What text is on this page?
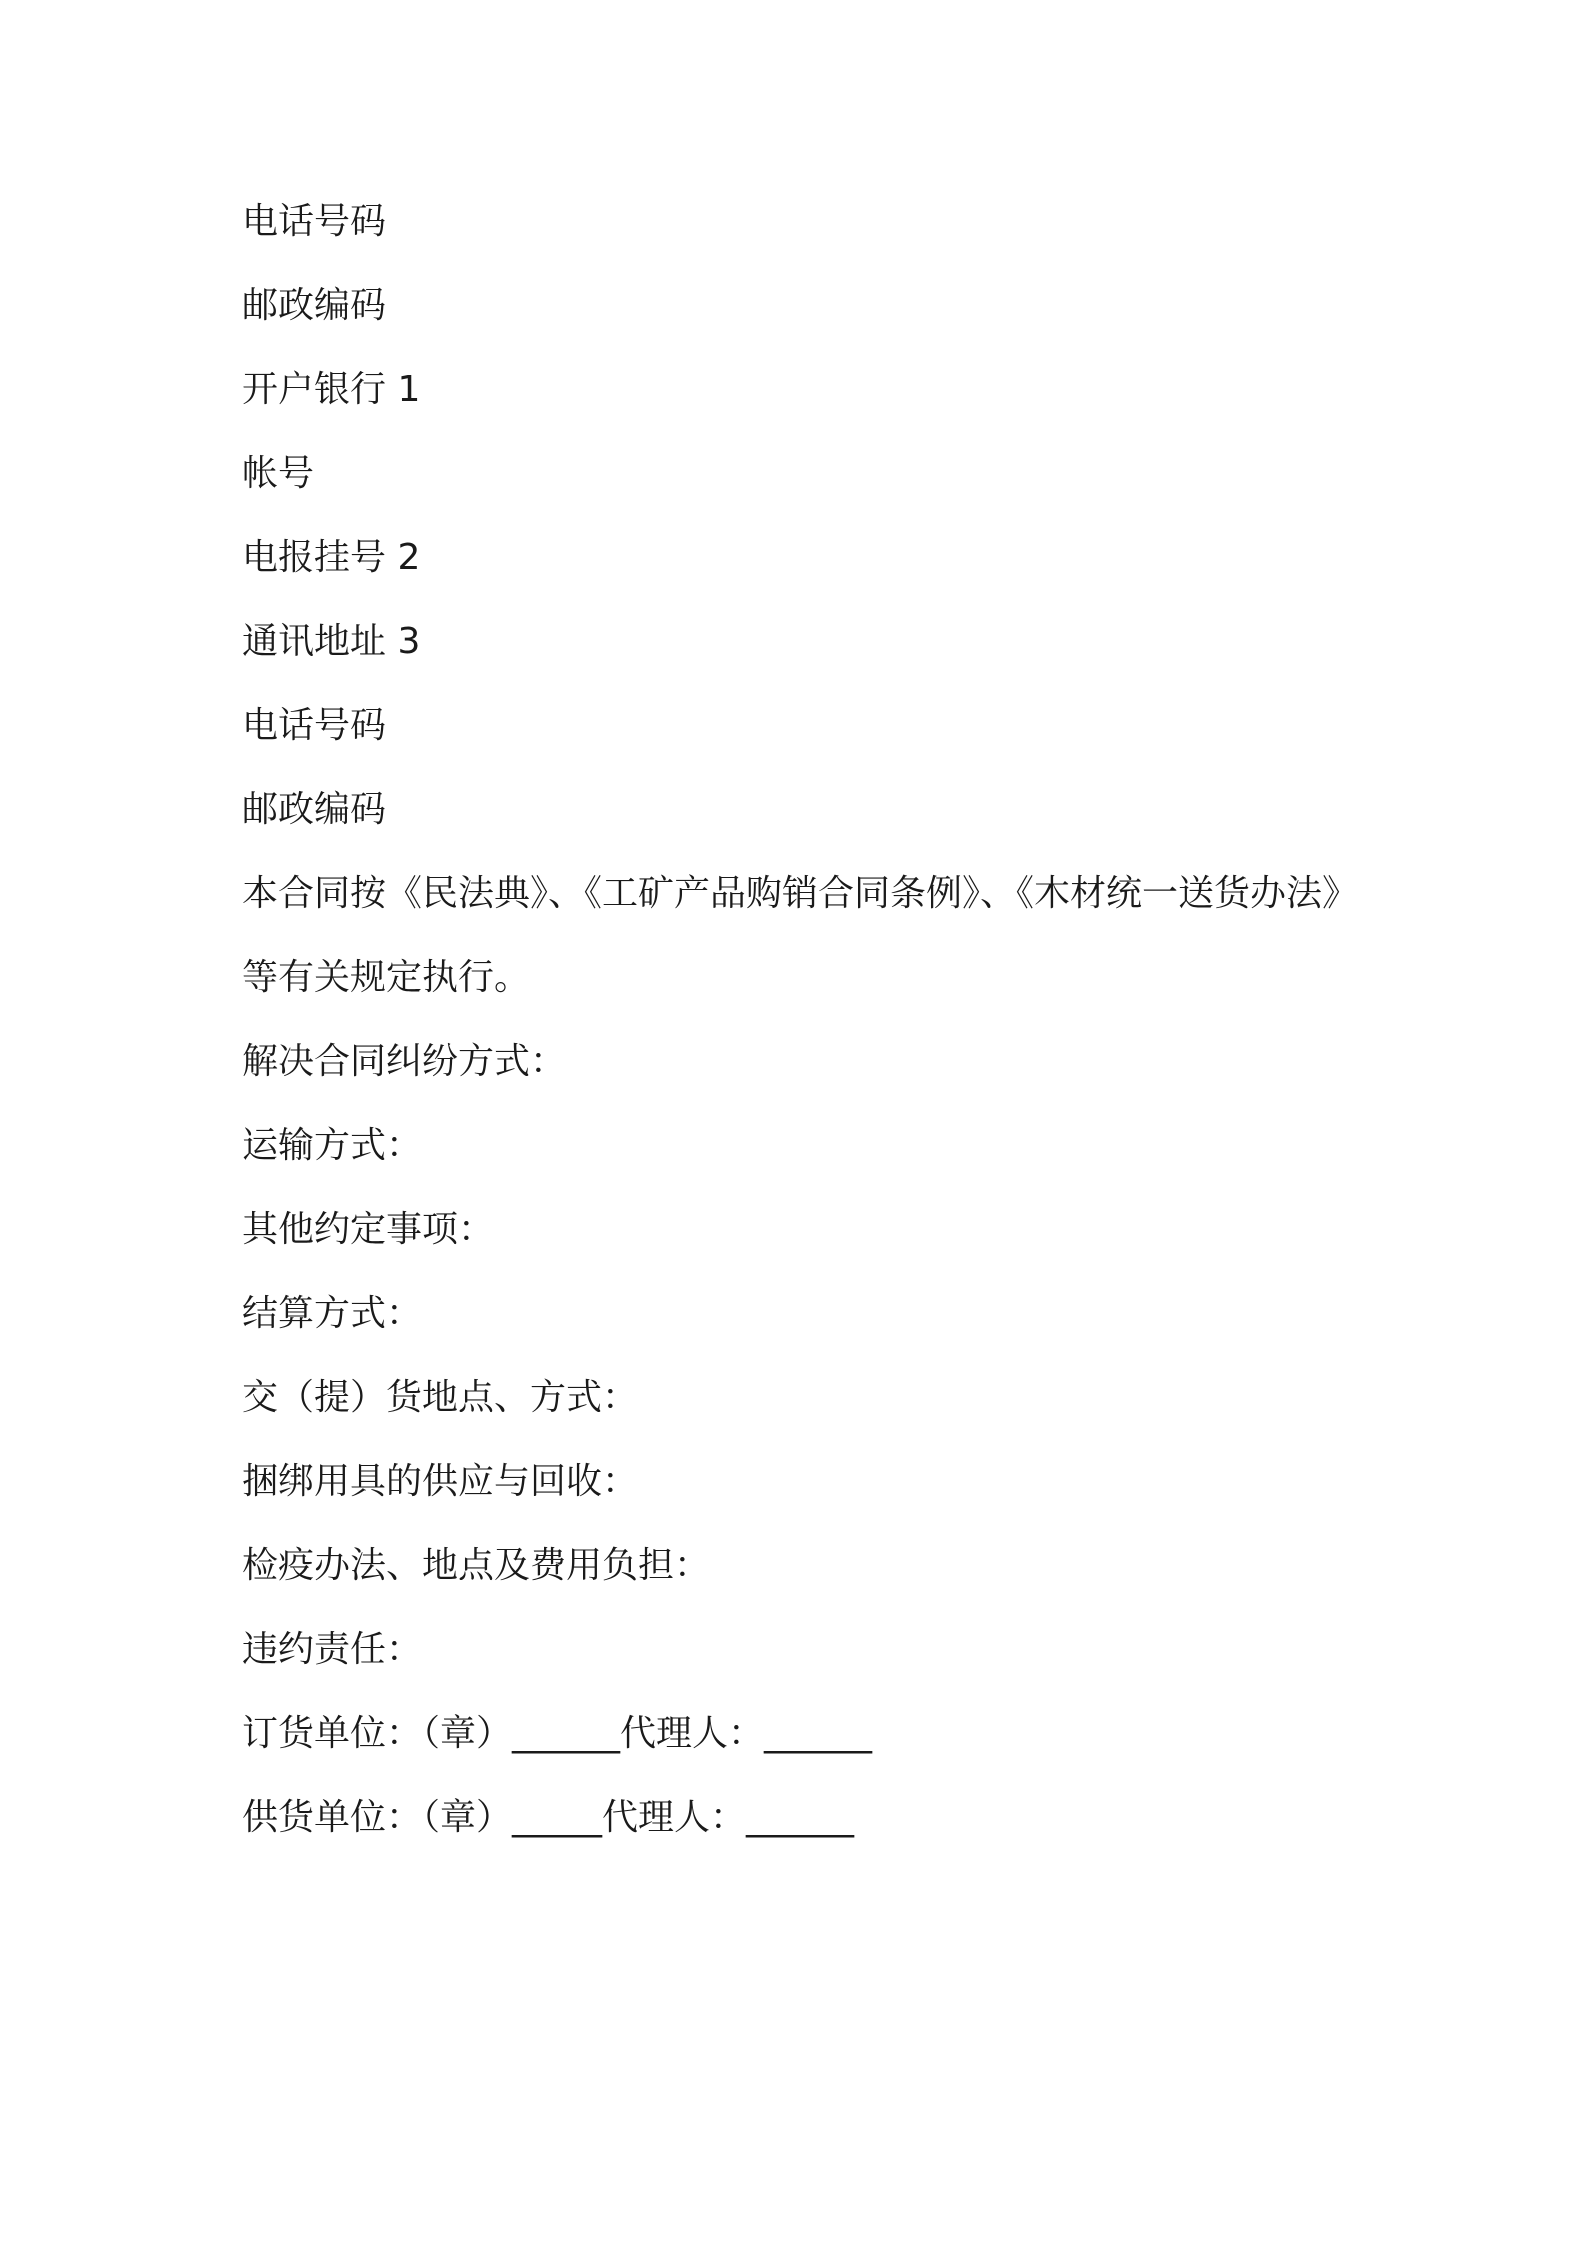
电话号码
邮政编码
开户银行 1
帐号
电报挂号 2
通讯地址 3
电话号码
邮政编码
本合同按《民法典》、《工矿产品购销合同条例》、《木材统一送货办法》
等有关规定执行。
解决合同纠纷方式：
运输方式：
其他约定事项：
结算方式：
交（提）货地点、方式：
捆绑用具的供应与回收：
检疫办法、地点及费用负担：
违约责任：
订货单位：（章）______代理人：______
供货单位：（章）_____代理人：______
